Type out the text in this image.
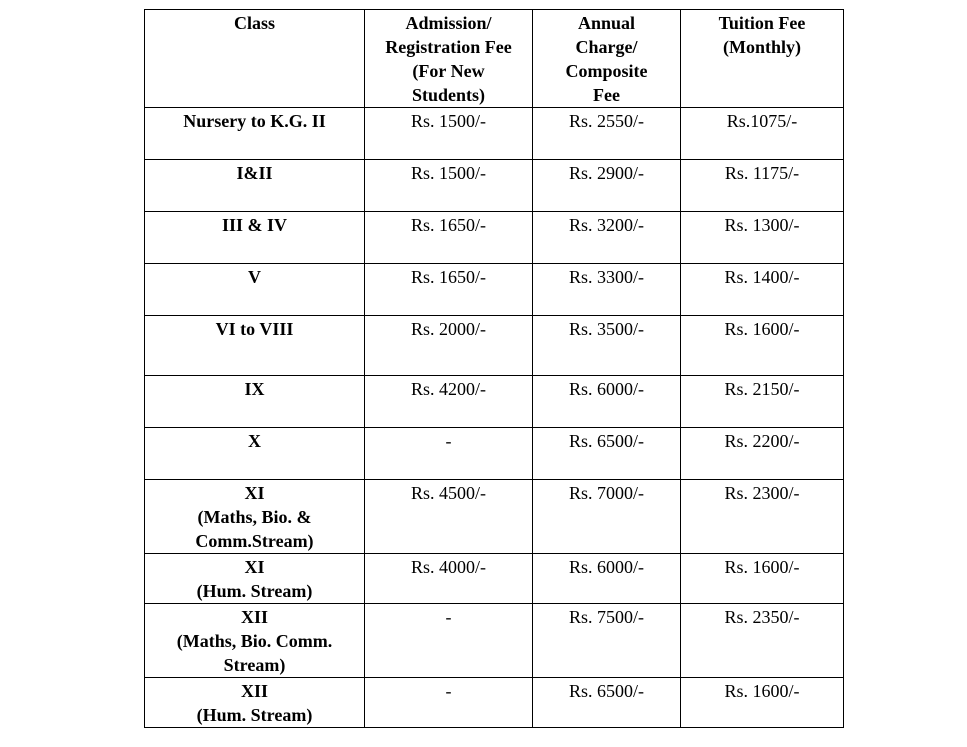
Class	Admission/
Registration Fee
(For New
Students)	Annual
Charge/
Composite
Fee	Tuition Fee
(Monthly)

Nursery to K.G. II	Rs. 1500/-	Rs. 2550/-	Rs.1075/-

I&II	Rs. 1500/-	Rs. 2900/-	Rs. 1175/-

III & IV	Rs. 1650/-	Rs. 3200/-	Rs. 1300/-

V	Rs. 1650/-	Rs. 3300/-	Rs. 1400/-

VI to VIII	Rs. 2000/-	Rs. 3500/-	Rs. 1600/-

IX	Rs. 4200/-	Rs. 6000/-	Rs. 2150/-

X	-	Rs. 6500/-	Rs. 2200/-

XI
(Maths, Bio. &
Comm.Stream)	Rs. 4500/-	Rs. 7000/-	Rs. 2300/-

XI
(Hum. Stream)	Rs. 4000/-	Rs. 6000/-	Rs. 1600/-

XII
(Maths, Bio. Comm.
Stream)	-	Rs. 7500/-	Rs. 2350/-

XII
(Hum. Stream)	-	Rs. 6500/-	Rs. 1600/-
